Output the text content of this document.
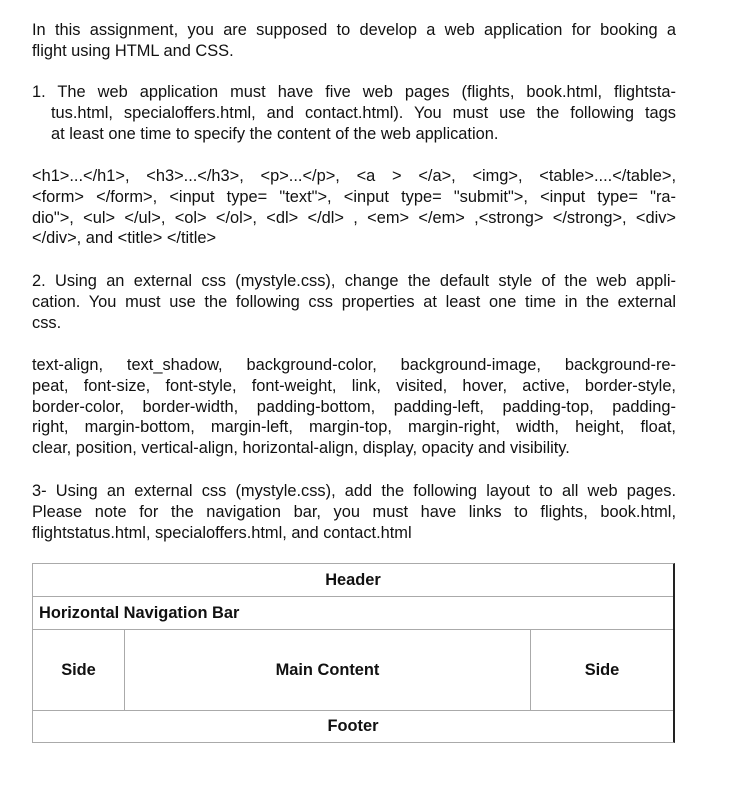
In this assignment, you are supposed to develop a web application for booking a
flight using HTML and CSS.
1. The web application must have five web pages (flights, book.html, flightsta-
tus.html, specialoffers.html, and contact.html). You must use the following tags
at least one time to specify the content of the web application.
<h1>...</h1>, <h3>...</h3>, <p>...</p>, <a > </a>, <img>, <table>....</table>,
<form> </form>, <input type= "text">, <input type= "submit">, <input type= "ra-
dio">, <ul> </ul>, <ol> </ol>, <dl> </dl> , <em> </em> ,<strong> </strong>, <div>
</div>, and <title> </title>
2. Using an external css (mystyle.css), change the default style of the web appli-
cation. You must use the following css properties at least one time in the external
css.
text-align, text_shadow, background-color, background-image, background-re-
peat, font-size, font-style, font-weight, link, visited, hover, active, border-style,
border-color, border-width, padding-bottom, padding-left, padding-top, padding-
right, margin-bottom, margin-left, margin-top, margin-right, width, height, float,
clear, position, vertical-align, horizontal-align, display, opacity and visibility.
3- Using an external css (mystyle.css), add the following layout to all web pages.
Please note for the navigation bar, you must have links to flights, book.html,
flightstatus.html, specialoffers.html, and contact.html
Header
Horizontal Navigation Bar
Side	Main Content	Side
Footer
